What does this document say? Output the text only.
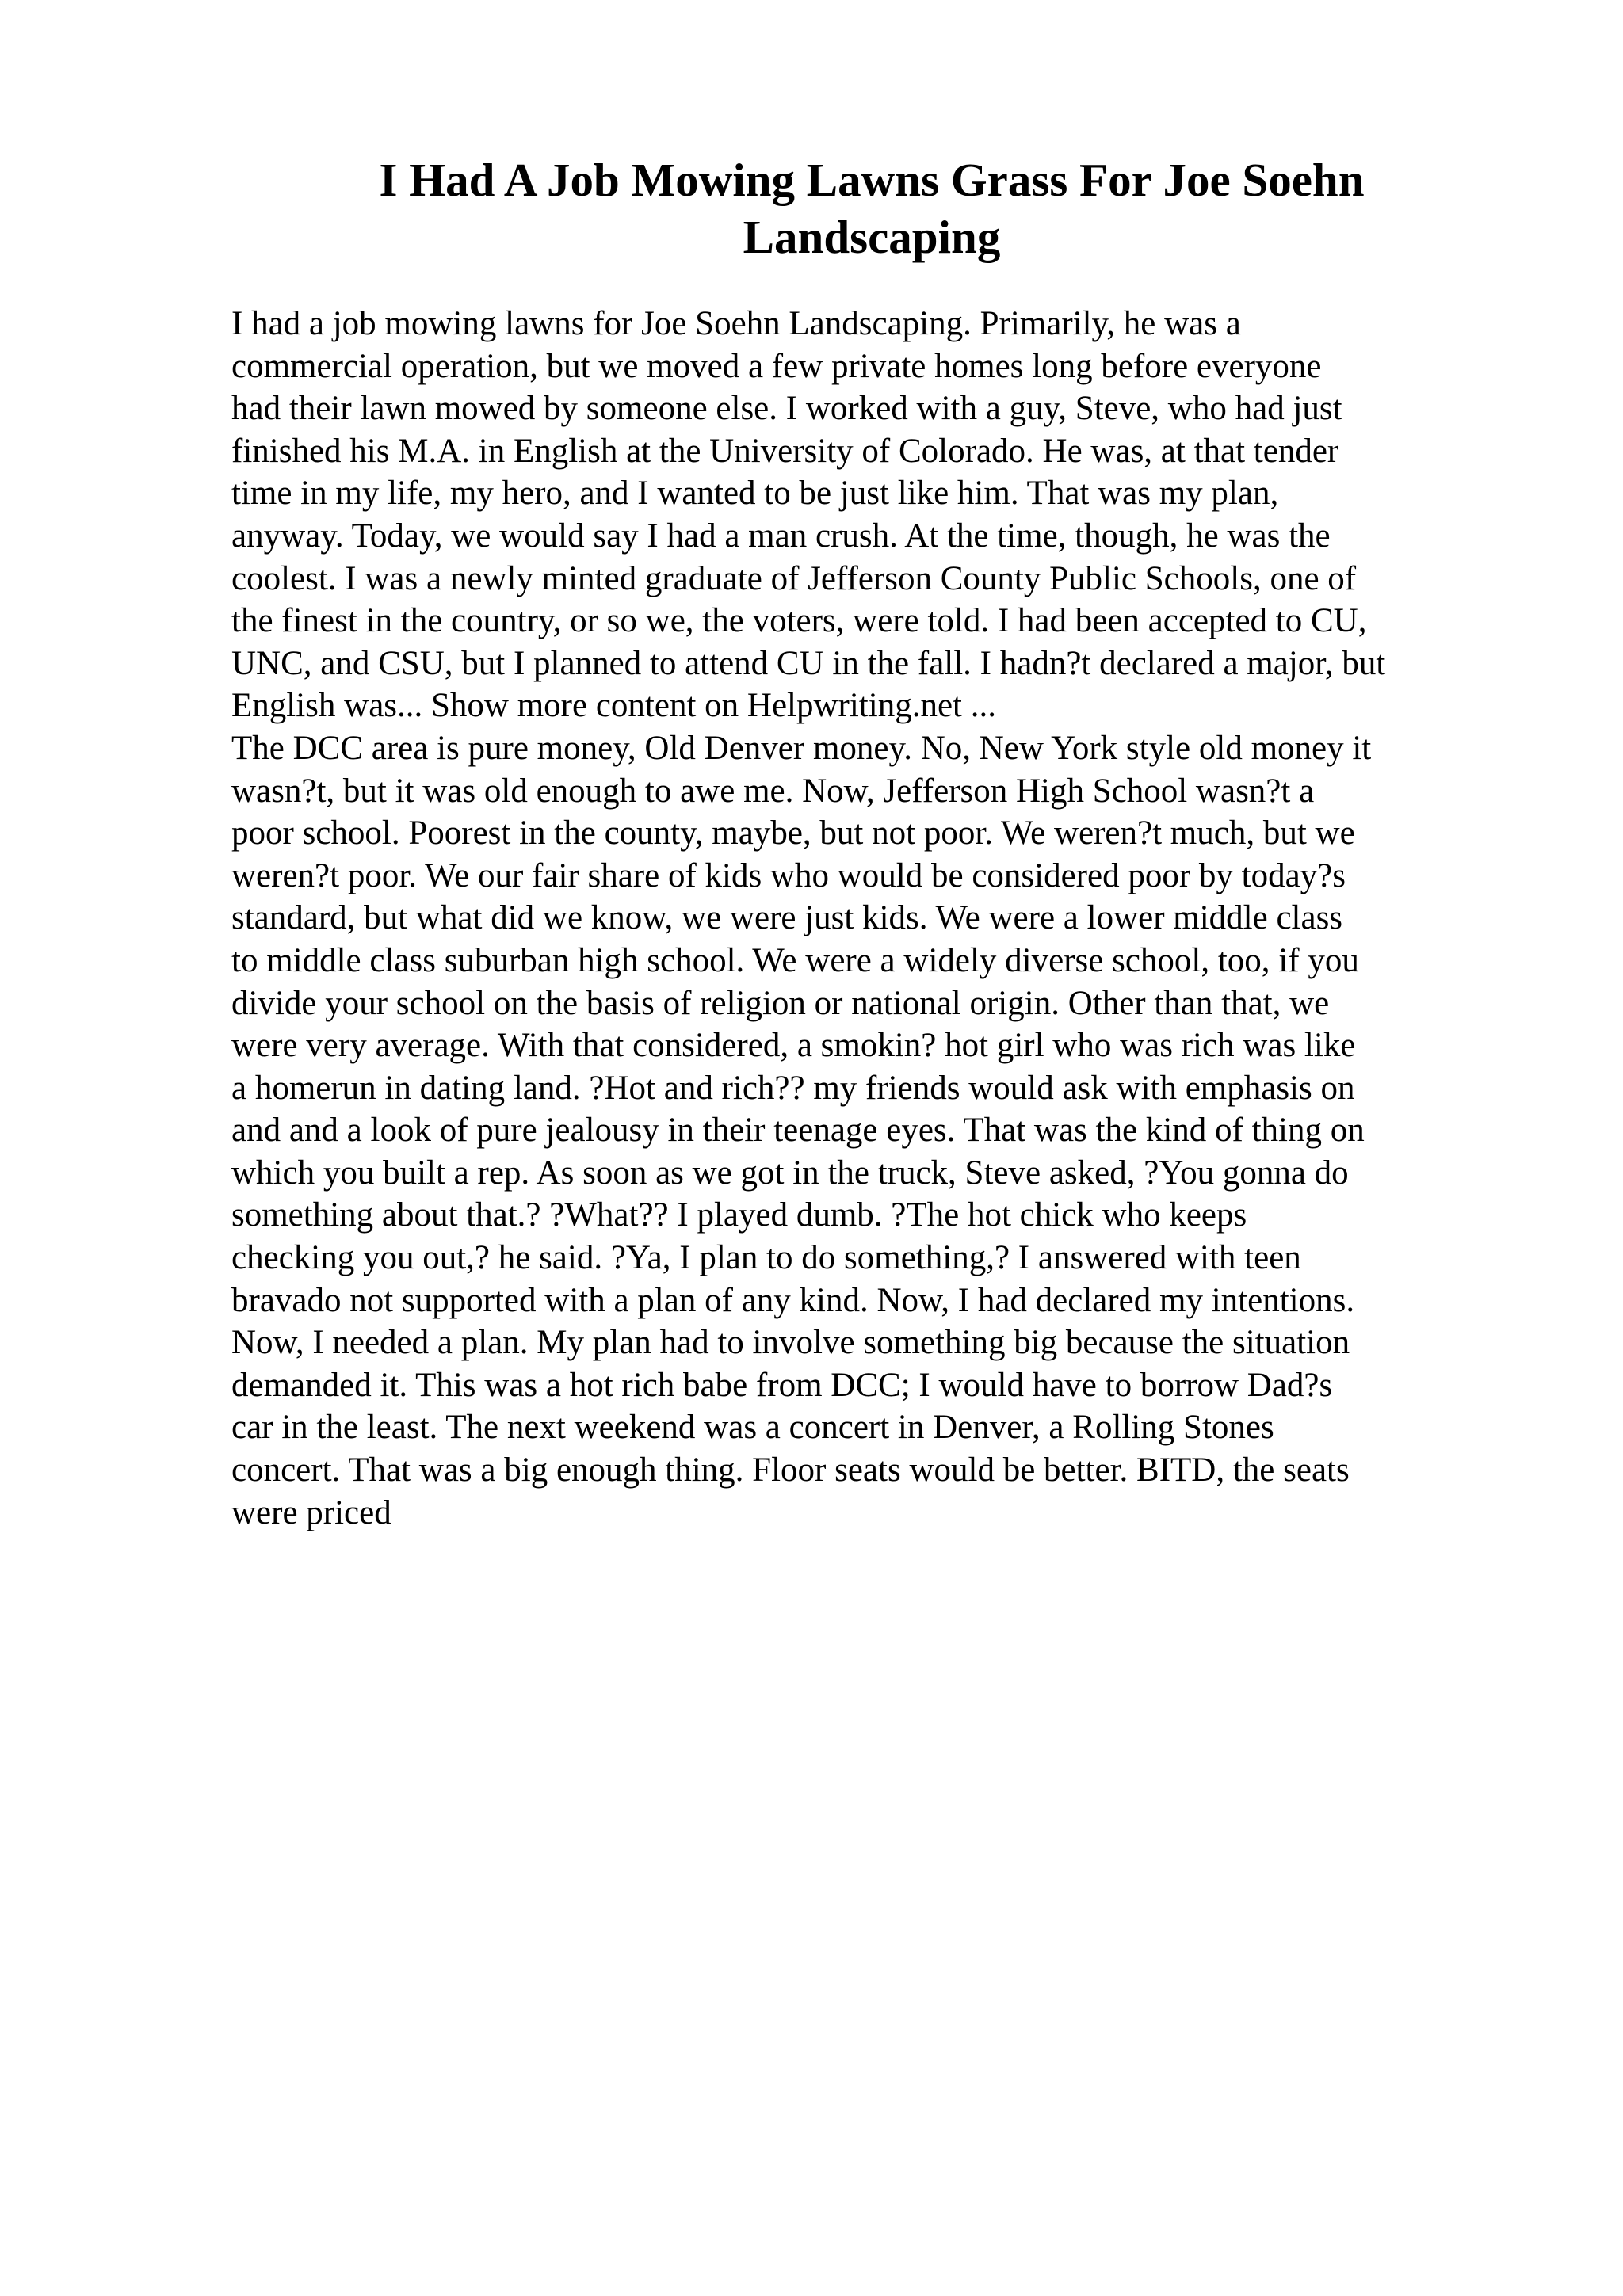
I Had A Job Mowing Lawns Grass For Joe Soehn
Landscaping
I had a job mowing lawns for Joe Soehn Landscaping. Primarily, he was a
commercial operation, but we moved a few private homes long before everyone
had their lawn mowed by someone else. I worked with a guy, Steve, who had just
finished his M.A. in English at the University of Colorado. He was, at that tender
time in my life, my hero, and I wanted to be just like him. That was my plan,
anyway. Today, we would say I had a man crush. At the time, though, he was the
coolest. I was a newly minted graduate of Jefferson County Public Schools, one of
the finest in the country, or so we, the voters, were told. I had been accepted to CU,
UNC, and CSU, but I planned to attend CU in the fall. I hadn?t declared a major, but
English was... Show more content on Helpwriting.net ...
The DCC area is pure money, Old Denver money. No, New York style old money it
wasn?t, but it was old enough to awe me. Now, Jefferson High School wasn?t a
poor school. Poorest in the county, maybe, but not poor. We weren?t much, but we
weren?t poor. We our fair share of kids who would be considered poor by today?s
standard, but what did we know, we were just kids. We were a lower middle class
to middle class suburban high school. We were a widely diverse school, too, if you
divide your school on the basis of religion or national origin. Other than that, we
were very average. With that considered, a smokin? hot girl who was rich was like
a homerun in dating land. ?Hot and rich?? my friends would ask with emphasis on
and and a look of pure jealousy in their teenage eyes. That was the kind of thing on
which you built a rep. As soon as we got in the truck, Steve asked, ?You gonna do
something about that.? ?What?? I played dumb. ?The hot chick who keeps
checking you out,? he said. ?Ya, I plan to do something,? I answered with teen
bravado not supported with a plan of any kind. Now, I had declared my intentions.
Now, I needed a plan. My plan had to involve something big because the situation
demanded it. This was a hot rich babe from DCC; I would have to borrow Dad?s
car in the least. The next weekend was a concert in Denver, a Rolling Stones
concert. That was a big enough thing. Floor seats would be better. BITD, the seats
were priced
